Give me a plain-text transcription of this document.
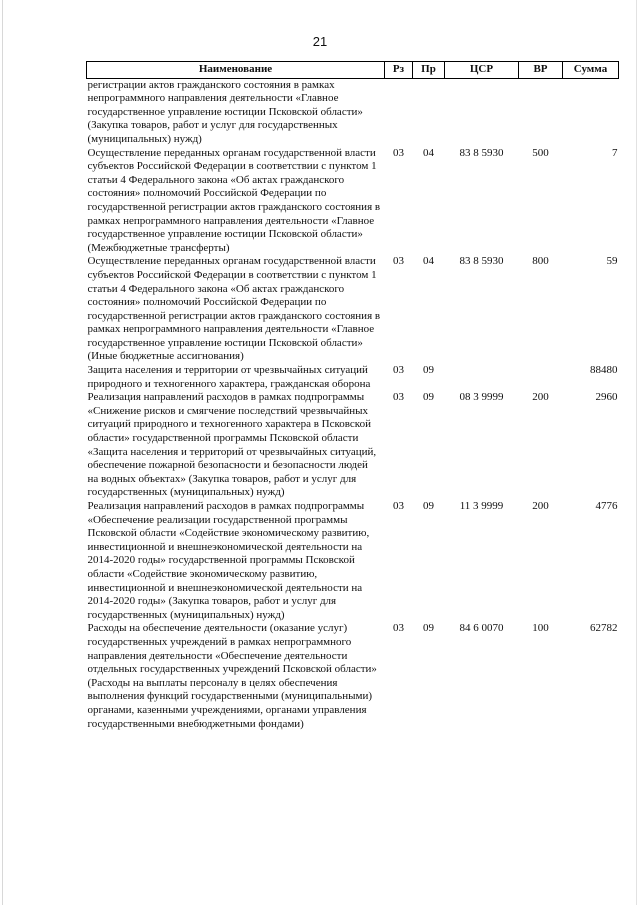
21
Наименование	Рз	Пр	ЦСР	ВР	Сумма
регистрации актов гражданского состояния в рамках непрограммного направления деятельности «Главное государственное управление юстиции Псковской области» (Закупка товаров, работ и услуг для государственных (муниципальных) нужд)					
Осуществление переданных органам государственной власти субъектов Российской Федерации в соответствии с пунктом 1 статьи 4 Федерального закона «Об актах гражданского состояния» полномочий Российской Федерации по государственной регистрации актов гражданского состояния в рамках непрограммного направления деятельности «Главное государственное управление юстиции Псковской области» (Межбюджетные трансферты)	03	04	83 8 5930	500	7
Осуществление переданных органам государственной власти субъектов Российской Федерации в соответствии с пунктом 1 статьи 4 Федерального закона «Об актах гражданского состояния» полномочий Российской Федерации по государственной регистрации актов гражданского состояния в рамках непрограммного направления деятельности «Главное государственное управление юстиции Псковской области» (Иные бюджетные ассигнования)	03	04	83 8 5930	800	59
Защита населения и территории от чрезвычайных ситуаций природного и техногенного характера, гражданская оборона	03	09			88480
Реализация направлений расходов в рамках подпрограммы «Снижение рисков и смягчение последствий чрезвычайных ситуаций природного и техногенного характера в Псковской области» государственной программы Псковской области «Защита населения и территорий от чрезвычайных ситуаций, обеспечение пожарной безопасности и безопасности людей на водных объектах» (Закупка товаров, работ и услуг для государственных (муниципальных) нужд)	03	09	08 3 9999	200	2960
Реализация направлений расходов в рамках подпрограммы «Обеспечение реализации государственной программы Псковской области «Содействие экономическому развитию, инвестиционной и внешнеэкономической деятельности на 2014-2020 годы» государственной программы Псковской области «Содействие экономическому развитию, инвестиционной и внешнеэкономической деятельности на 2014-2020 годы» (Закупка товаров, работ и услуг для государственных (муниципальных) нужд)	03	09	11 3 9999	200	4776
Расходы на обеспечение деятельности (оказание услуг) государственных учреждений в рамках непрограммного направления деятельности «Обеспечение деятельности отдельных государственных учреждений Псковской области» (Расходы на выплаты персоналу в целях обеспечения выполнения функций государственными (муниципальными) органами, казенными учреждениями, органами управления государственными внебюджетными фондами)	03	09	84 6 0070	100	62782
